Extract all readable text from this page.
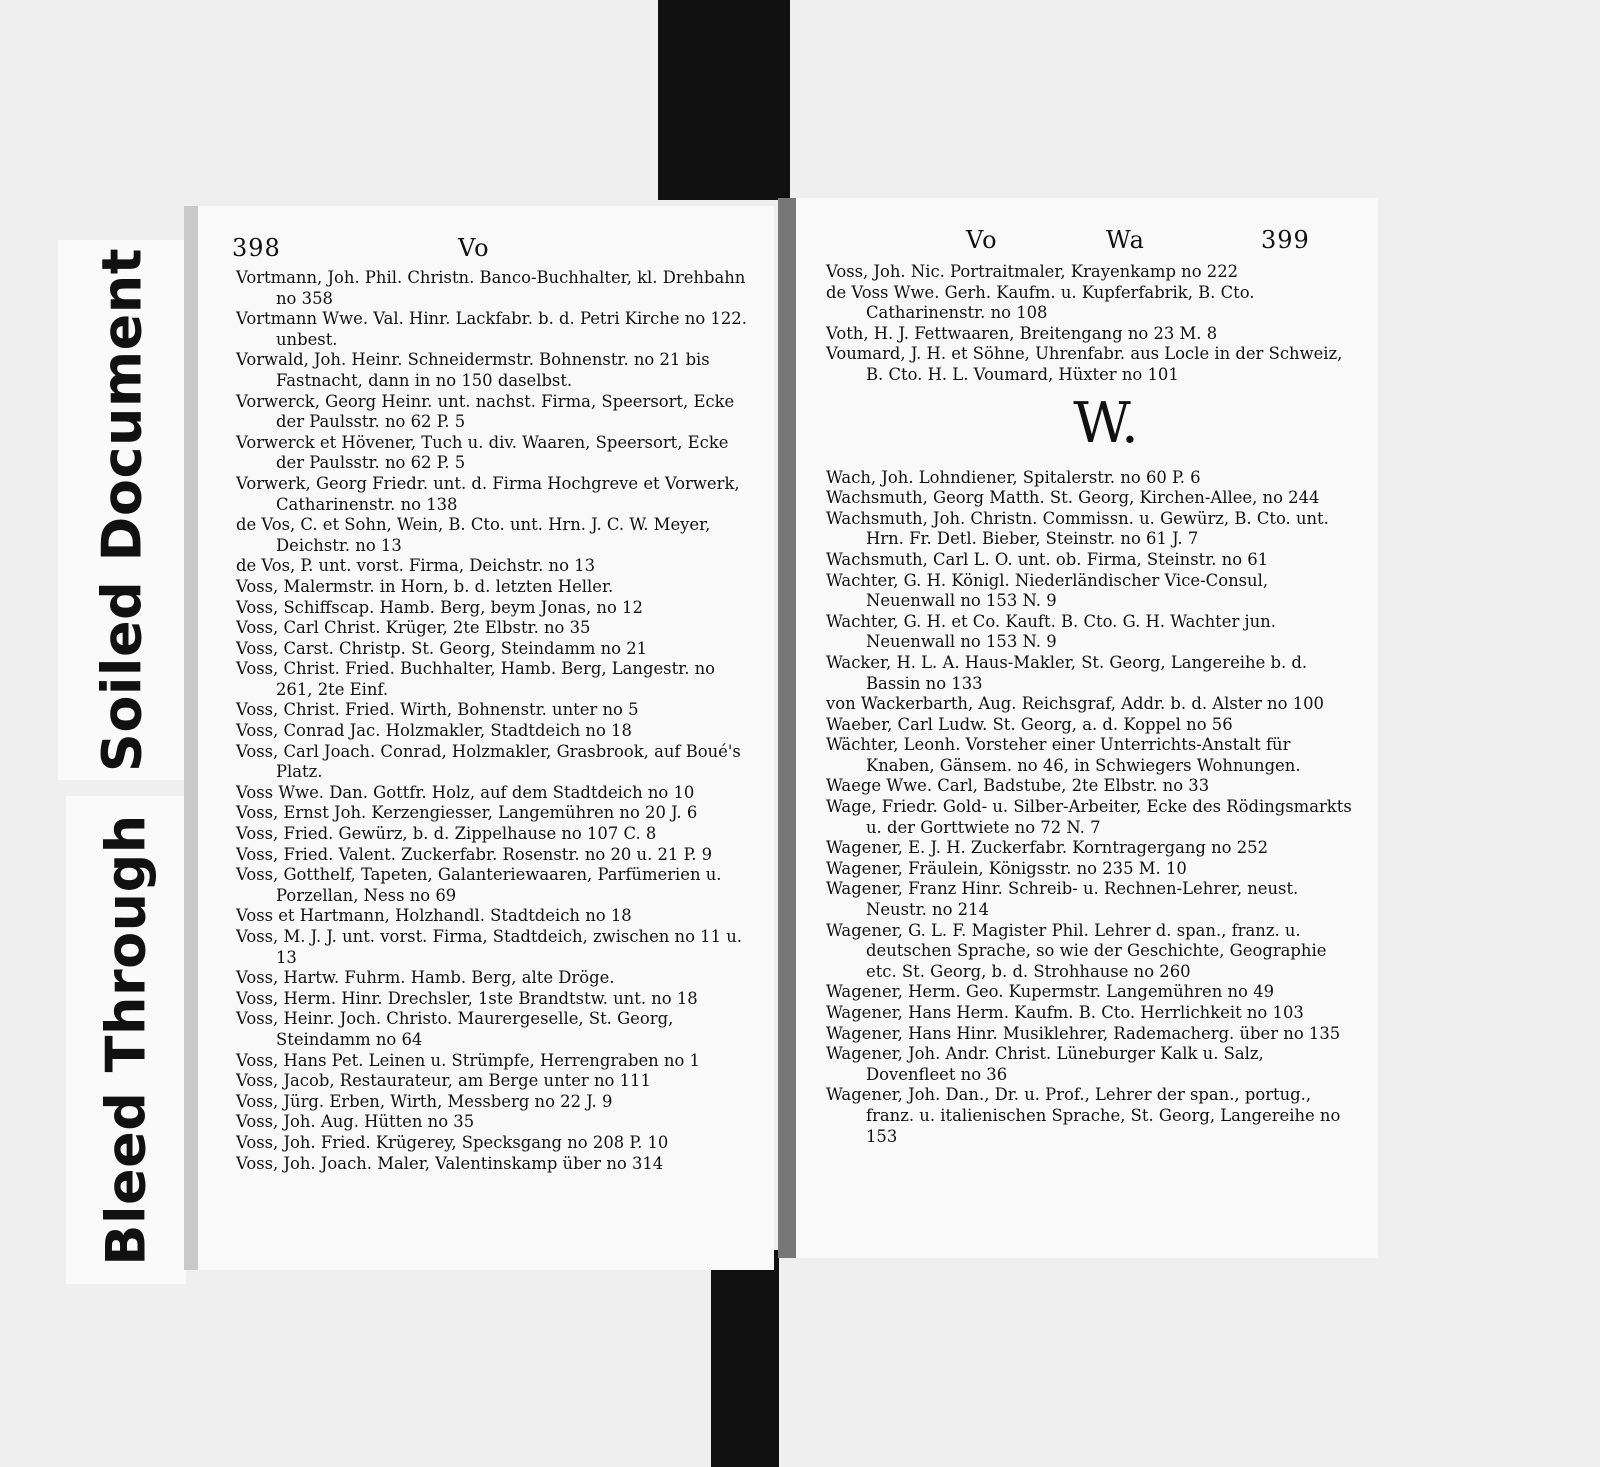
Soiled Document
Bleed Through
398	Vo

Vortmann, Joh. Phil. Christn. Banco-Buchhalter, kl. Drehbahn no 358

Vortmann Wwe. Val. Hinr. Lackfabr. b. d. Petri Kirche no 122. unbest.

Vorwald, Joh. Heinr. Schneidermstr. Bohnenstr. no 21 bis Fastnacht, dann in no 150 daselbst.

Vorwerck, Georg Heinr. unt. nachst. Firma, Speersort, Ecke der Paulsstr. no 62 P. 5

Vorwerck et Hövener, Tuch u. div. Waaren, Speersort, Ecke der Paulsstr. no 62 P. 5

Vorwerk, Georg Friedr. unt. d. Firma Hochgreve et Vorwerk, Catharinenstr. no 138

de Vos, C. et Sohn, Wein, B. Cto. unt. Hrn. J. C. W. Meyer, Deichstr. no 13

de Vos, P. unt. vorst. Firma, Deichstr. no 13

Voss, Malermstr. in Horn, b. d. letzten Heller.

Voss, Schiffscap. Hamb. Berg, beym Jonas, no 12

Voss, Carl Christ. Krüger, 2te Elbstr. no 35

Voss, Carst. Christp. St. Georg, Steindamm no 21

Voss, Christ. Fried. Buchhalter, Hamb. Berg, Langestr. no 261, 2te Einf.

Voss, Christ. Fried. Wirth, Bohnenstr. unter no 5

Voss, Conrad Jac. Holzmakler, Stadtdeich no 18

Voss, Carl Joach. Conrad, Holzmakler, Grasbrook, auf Boué's Platz.

Voss Wwe. Dan. Gottfr. Holz, auf dem Stadtdeich no 10

Voss, Ernst Joh. Kerzengiesser, Langemühren no 20 J. 6

Voss, Fried. Gewürz, b. d. Zippelhause no 107 C. 8

Voss, Fried. Valent. Zuckerfabr. Rosenstr. no 20 u. 21 P. 9

Voss, Gotthelf, Tapeten, Galanteriewaaren, Parfümerien u. Porzellan, Ness no 69

Voss et Hartmann, Holzhandl. Stadtdeich no 18

Voss, M. J. J. unt. vorst. Firma, Stadtdeich, zwischen no 11 u. 13

Voss, Hartw. Fuhrm. Hamb. Berg, alte Dröge.

Voss, Herm. Hinr. Drechsler, 1ste Brandtstw. unt. no 18

Voss, Heinr. Joch. Christo. Maurergeselle, St. Georg, Steindamm no 64

Voss, Hans Pet. Leinen u. Strümpfe, Herrengraben no 1

Voss, Jacob, Restaurateur, am Berge unter no 111

Voss, Jürg. Erben, Wirth, Messberg no 22 J. 9

Voss, Joh. Aug. Hütten no 35

Voss, Joh. Fried. Krügerey, Specksgang no 208 P. 10

Voss, Joh. Joach. Maler, Valentinskamp über no 314

Vo	Wa	399

Voss, Joh. Nic. Portraitmaler, Krayenkamp no 222

de Voss Wwe. Gerh. Kaufm. u. Kupferfabrik, B. Cto. Catharinenstr. no 108

Voth, H. J. Fettwaaren, Breitengang no 23 M. 8

Voumard, J. H. et Söhne, Uhrenfabr. aus Locle in der Schweiz, B. Cto. H. L. Voumard, Hüxter no 101

W.

Wach, Joh. Lohndiener, Spitalerstr. no 60 P. 6

Wachsmuth, Georg Matth. St. Georg, Kirchen-Allee, no 244

Wachsmuth, Joh. Christn. Commissn. u. Gewürz, B. Cto. unt. Hrn. Fr. Detl. Bieber, Steinstr. no 61 J. 7

Wachsmuth, Carl L. O. unt. ob. Firma, Steinstr. no 61

Wachter, G. H. Königl. Niederländischer Vice-Consul, Neuenwall no 153 N. 9

Wachter, G. H. et Co. Kauft. B. Cto. G. H. Wachter jun. Neuenwall no 153 N. 9

Wacker, H. L. A. Haus-Makler, St. Georg, Langereihe b. d. Bassin no 133

von Wackerbarth, Aug. Reichsgraf, Addr. b. d. Alster no 100

Waeber, Carl Ludw. St. Georg, a. d. Koppel no 56

Wächter, Leonh. Vorsteher einer Unterrichts-Anstalt für Knaben, Gänsem. no 46, in Schwiegers Wohnungen.

Waege Wwe. Carl, Badstube, 2te Elbstr. no 33

Wage, Friedr. Gold- u. Silber-Arbeiter, Ecke des Rödingsmarkts u. der Gorttwiete no 72 N. 7

Wagener, E. J. H. Zuckerfabr. Korntragergang no 252

Wagener, Fräulein, Königsstr. no 235 M. 10

Wagener, Franz Hinr. Schreib- u. Rechnen-Lehrer, neust. Neustr. no 214

Wagener, G. L. F. Magister Phil. Lehrer d. span., franz. u. deutschen Sprache, so wie der Geschichte, Geographie etc. St. Georg, b. d. Strohhause no 260

Wagener, Herm. Geo. Kupermstr. Langemühren no 49

Wagener, Hans Herm. Kaufm. B. Cto. Herrlichkeit no 103

Wagener, Hans Hinr. Musiklehrer, Rademacherg. über no 135

Wagener, Joh. Andr. Christ. Lüneburger Kalk u. Salz, Dovenfleet no 36

Wagener, Joh. Dan., Dr. u. Prof., Lehrer der span., portug., franz. u. italienischen Sprache, St. Georg, Langereihe no 153
